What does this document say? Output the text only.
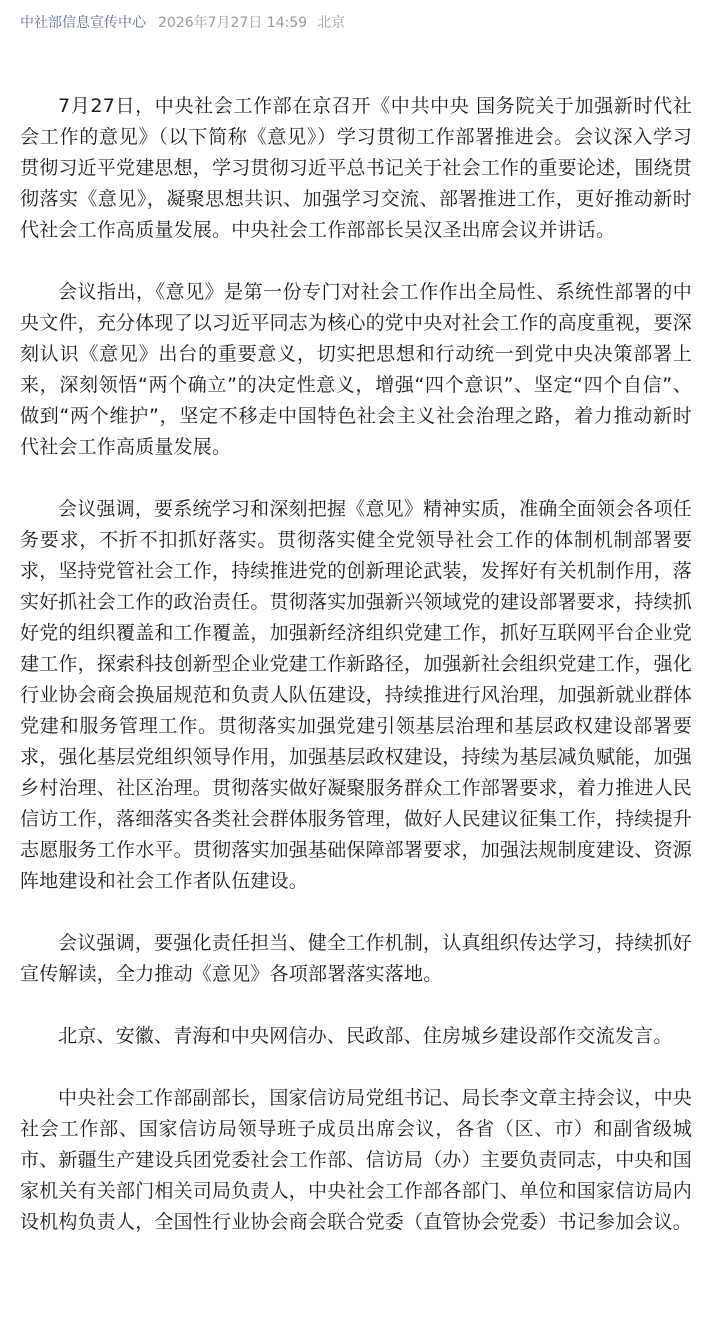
中社部信息宣传中心 2026年7月27日 14:59 北京

7月27日，中央社会工作部在京召开《中共中央 国务院关于加强新时代社会工作的意见》（以下简称《意见》）学习贯彻工作部署推进会。会议深入学习贯彻习近平党建思想，学习贯彻习近平总书记关于社会工作的重要论述，围绕贯彻落实《意见》，凝聚思想共识、加强学习交流、部署推进工作，更好推动新时代社会工作高质量发展。中央社会工作部部长吴汉圣出席会议并讲话。

会议指出，《意见》是第一份专门对社会工作作出全局性、系统性部署的中央文件，充分体现了以习近平同志为核心的党中央对社会工作的高度重视，要深刻认识《意见》出台的重要意义，切实把思想和行动统一到党中央决策部署上来，深刻领悟“两个确立”的决定性意义，增强“四个意识”、坚定“四个自信”、做到“两个维护”，坚定不移走中国特色社会主义社会治理之路，着力推动新时代社会工作高质量发展。

会议强调，要系统学习和深刻把握《意见》精神实质，准确全面领会各项任务要求，不折不扣抓好落实。贯彻落实健全党领导社会工作的体制机制部署要求，坚持党管社会工作，持续推进党的创新理论武装，发挥好有关机制作用，落实好抓社会工作的政治责任。贯彻落实加强新兴领域党的建设部署要求，持续抓好党的组织覆盖和工作覆盖，加强新经济组织党建工作，抓好互联网平台企业党建工作，探索科技创新型企业党建工作新路径，加强新社会组织党建工作，强化行业协会商会换届规范和负责人队伍建设，持续推进行风治理，加强新就业群体党建和服务管理工作。贯彻落实加强党建引领基层治理和基层政权建设部署要求，强化基层党组织领导作用，加强基层政权建设，持续为基层减负赋能，加强乡村治理、社区治理。贯彻落实做好凝聚服务群众工作部署要求，着力推进人民信访工作，落细落实各类社会群体服务管理，做好人民建议征集工作，持续提升志愿服务工作水平。贯彻落实加强基础保障部署要求，加强法规制度建设、资源阵地建设和社会工作者队伍建设。

会议强调，要强化责任担当、健全工作机制，认真组织传达学习，持续抓好宣传解读，全力推动《意见》各项部署落实落地。

北京、安徽、青海和中央网信办、民政部、住房城乡建设部作交流发言。

中央社会工作部副部长，国家信访局党组书记、局长李文章主持会议，中央社会工作部、国家信访局领导班子成员出席会议，各省（区、市）和副省级城市、新疆生产建设兵团党委社会工作部、信访局（办）主要负责同志，中央和国家机关有关部门相关司局负责人，中央社会工作部各部门、单位和国家信访局内设机构负责人，全国性行业协会商会联合党委（直管协会党委）书记参加会议。
